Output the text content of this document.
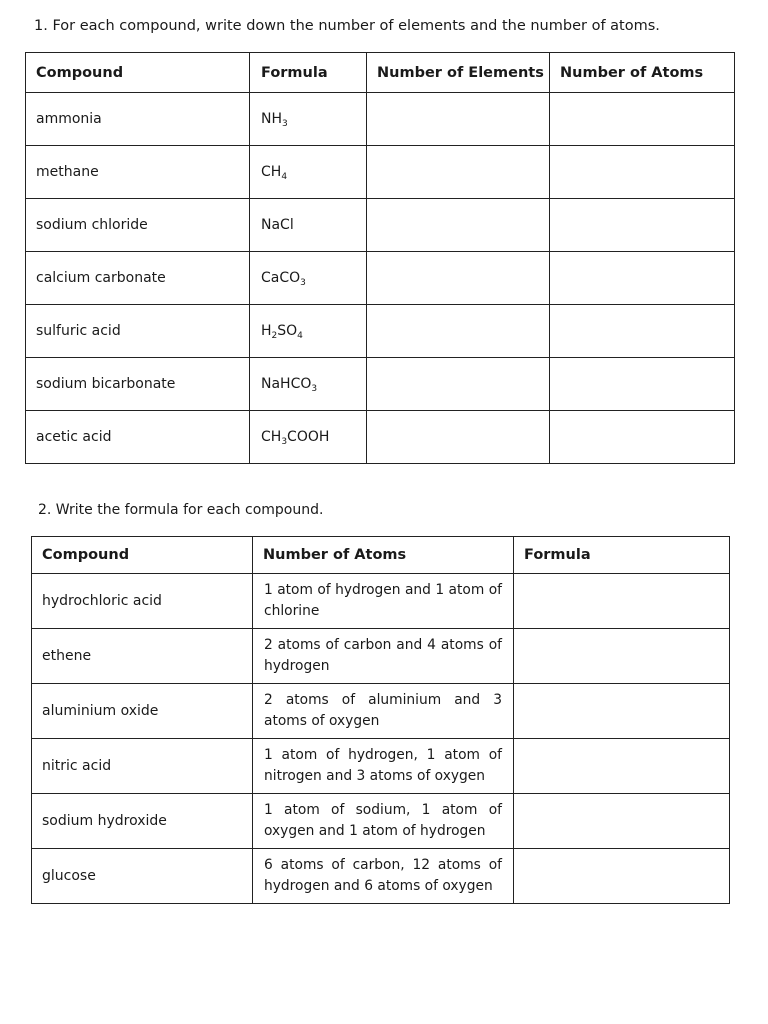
1. For each compound, write down the number of elements and the number of atoms.

Compound	Formula	Number of Elements	Number of Atoms
ammonia	$NH_3$		
methane	$CH_4$		
sodium chloride	NaCl		
calcium carbonate	CaCO$_3$		
sulfuric acid	$H_2SO_4$		
sodium bicarbonate	NaHCO$_3$		
acetic acid	$CH_3COOH$		

2. Write the formula for each compound.

Compound	Number of Atoms	Formula
hydrochloric acid	1 atom of hydrogen and 1 atom of chlorine	
ethene	2 atoms of carbon and 4 atoms of hydrogen	
aluminium oxide	2 atoms of aluminium and 3 atoms of oxygen	
nitric acid	1 atom of hydrogen, 1 atom of nitrogen and 3 atoms of oxygen	
sodium hydroxide	1 atom of sodium, 1 atom of oxygen and 1 atom of hydrogen	
glucose	6 atoms of carbon, 12 atoms of hydrogen and 6 atoms of oxygen	
